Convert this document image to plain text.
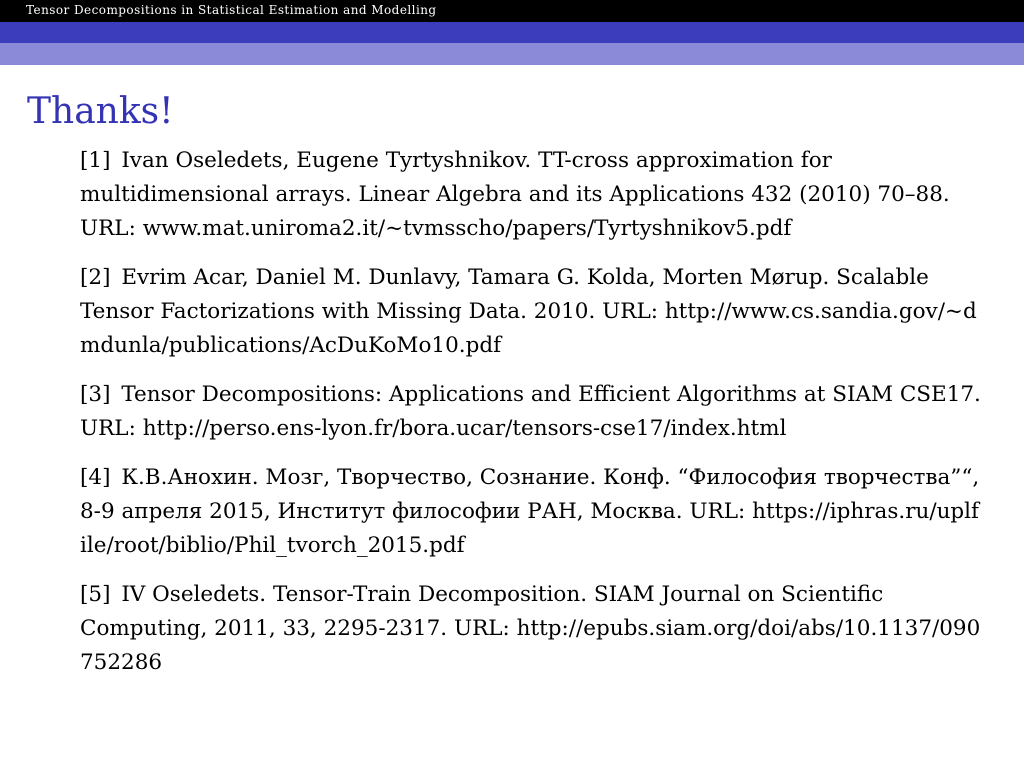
Tensor Decompositions in Statistical Estimation and Modelling
Thanks!
[1] Ivan Oseledets, Eugene Tyrtyshnikov. TT-cross approximation for multidimensional arrays. Linear Algebra and its Applications 432 (2010) 70–88. URL: www.mat.uniroma2.it/~tvmsscho/papers/Tyrtyshnikov5.pdf
[2] Evrim Acar, Daniel M. Dunlavy, Tamara G. Kolda, Morten Mørup. Scalable Tensor Factorizations with Missing Data. 2010. URL: http://www.cs.sandia.gov/~dmdunla/publications/AcDuKoMo10.pdf
[3] Tensor Decompositions: Applications and Efficient Algorithms at SIAM CSE17. URL: http://perso.ens-lyon.fr/bora.ucar/tensors-cse17/index.html
[4] К.В.Анохин. Мозг, Творчество, Сознание. Конф. “Философия творчества”“, 8-9 апреля 2015, Институт философии РАН, Москва. URL: https://iphras.ru/uplfile/root/biblio/Phil_tvorch_2015.pdf
[5] IV Oseledets. Tensor-Train Decomposition. SIAM Journal on Scientific Computing, 2011, 33, 2295-2317. URL: http://epubs.siam.org/doi/abs/10.1137/090752286
